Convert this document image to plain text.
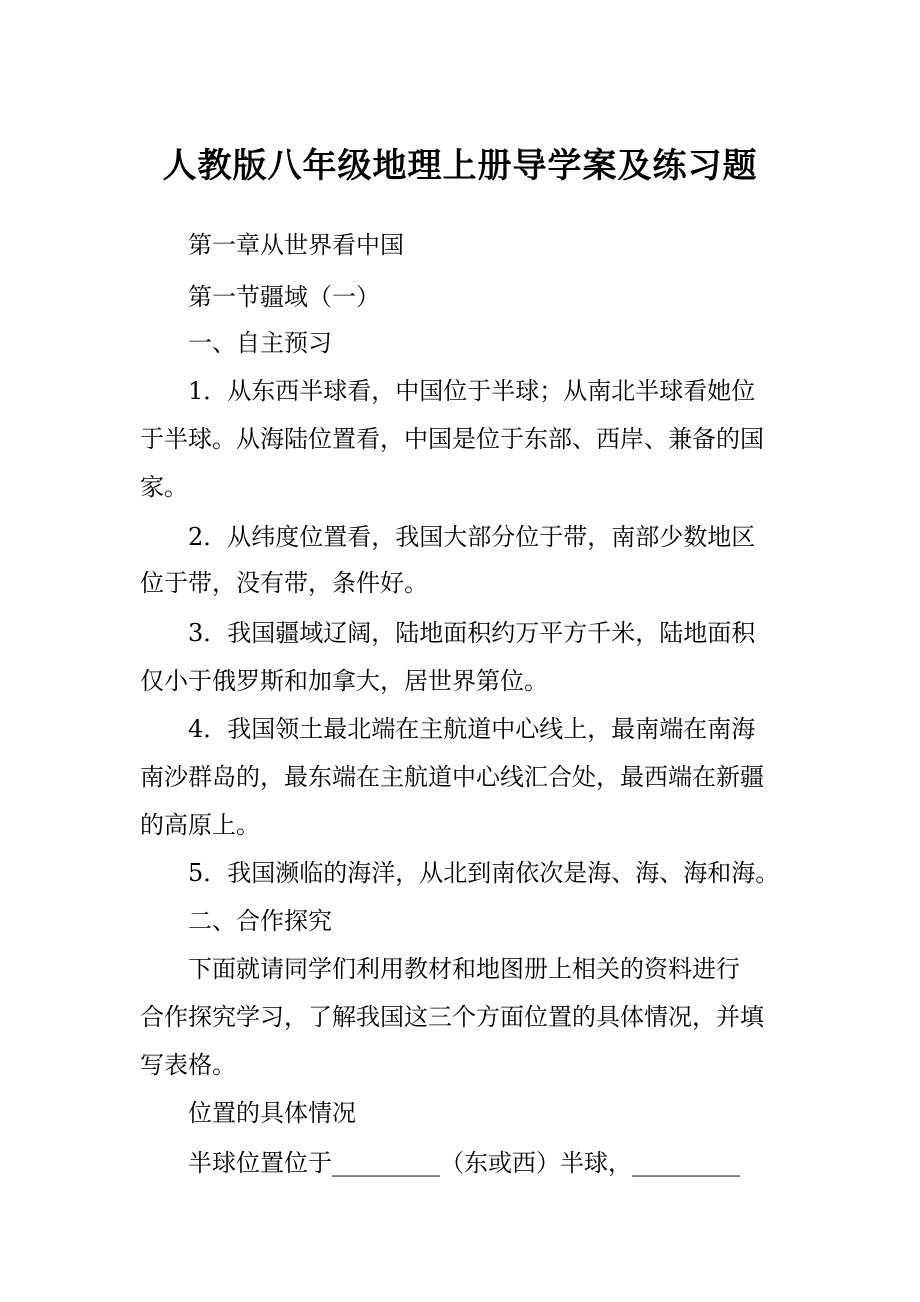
人教版八年级地理上册导学案及练习题

第一章从世界看中国

第一节疆域（一）

一、自主预习

1．从东西半球看，中国位于半球；从南北半球看她位

于半球。从海陆位置看，中国是位于东部、西岸、兼备的国

家。

2．从纬度位置看，我国大部分位于带，南部少数地区

位于带，没有带，条件好。

3．我国疆域辽阔，陆地面积约万平方千米，陆地面积

仅小于俄罗斯和加拿大，居世界第位。

4．我国领土最北端在主航道中心线上，最南端在南海

南沙群岛的，最东端在主航道中心线汇合处，最西端在新疆

的高原上。

5．我国濒临的海洋，从北到南依次是海、海、海和海。

二、合作探究

下面就请同学们利用教材和地图册上相关的资料进行

合作探究学习，了解我国这三个方面位置的具体情况，并填

写表格。

位置的具体情况

半球位置位于_________（东或西）半球，_________
